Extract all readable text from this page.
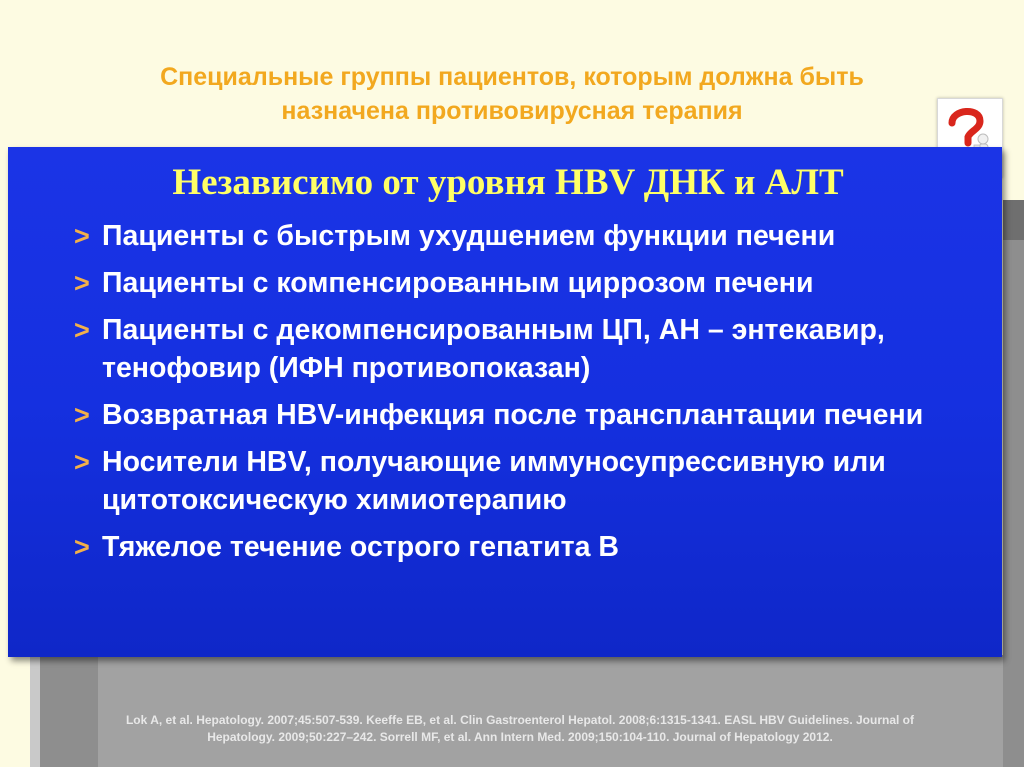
Специальные группы пациентов, которым должна быть
назначена противовирусная терапия
Независимо от уровня HBV ДНК и АЛТ
> Пациенты с быстрым ухудшением функции печени
> Пациенты с компенсированным циррозом печени
> Пациенты с декомпенсированным ЦП, АН – энтекавир, тенофовир (ИФН противопоказан)
> Возвратная HBV-инфекция после трансплантации печени
> Носители HBV, получающие иммуносупрессивную или цитотоксическую химиотерапию
> Тяжелое течение острого гепатита В

Lok A, et al. Hepatology. 2007;45:507-539. Keeffe EB, et al. Clin Gastroenterol Hepatol. 2008;6:1315-1341. EASL HBV Guidelines. Journal of
Hepatology. 2009;50:227–242. Sorrell MF, et al. Ann Intern Med. 2009;150:104-110. Journal of Hepatology 2012.
